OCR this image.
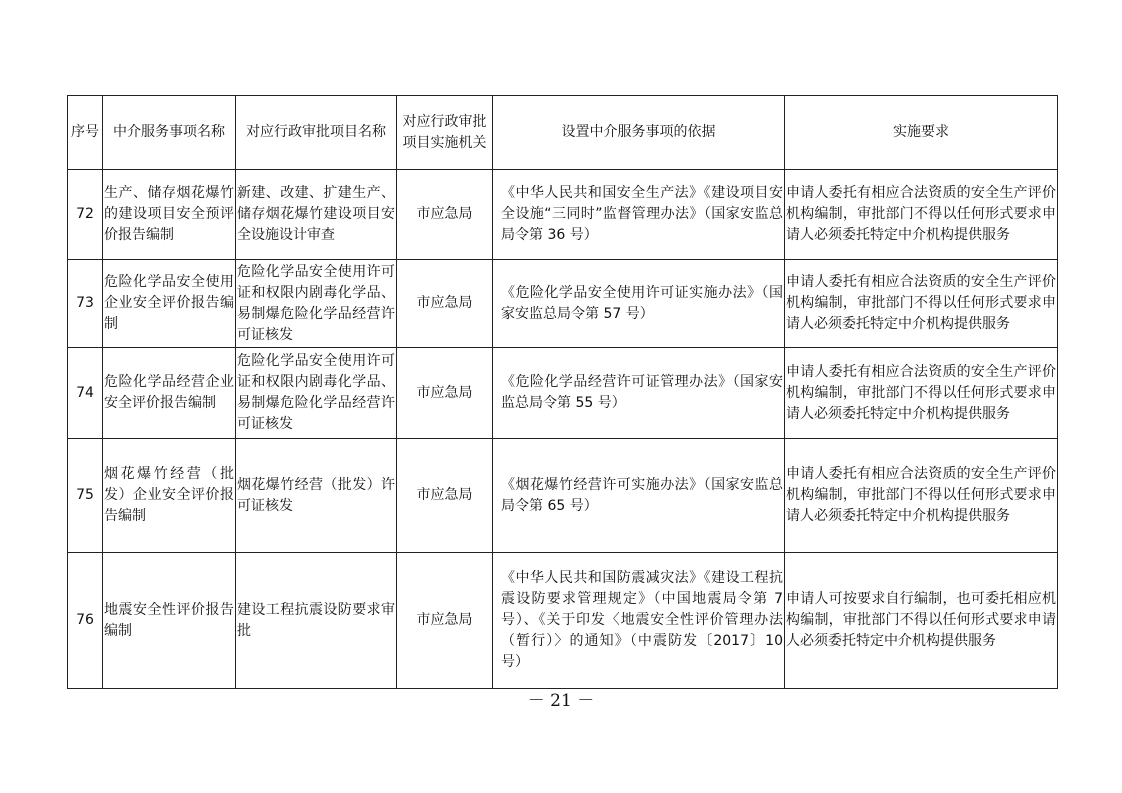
序号	中介服务事项名称	对应行政审批项目名称	对应行政审批项目实施机关	设置中介服务事项的依据	实施要求
72	生产、储存烟花爆竹的建设项目安全预评价报告编制	新建、改建、扩建生产、储存烟花爆竹建设项目安全设施设计审查	市应急局	《中华人民共和国安全生产法》《建设项目安全设施“三同时”监督管理办法》（国家安监总局令第 36 号）	申请人委托有相应合法资质的安全生产评价机构编制，审批部门不得以任何形式要求申请人必须委托特定中介机构提供服务
73	危险化学品安全使用企业安全评价报告编制	危险化学品安全使用许可证和权限内剧毒化学品、易制爆危险化学品经营许可证核发	市应急局	《危险化学品安全使用许可证实施办法》（国家安监总局令第 57 号）	申请人委托有相应合法资质的安全生产评价机构编制，审批部门不得以任何形式要求申请人必须委托特定中介机构提供服务
74	危险化学品经营企业安全评价报告编制	危险化学品安全使用许可证和权限内剧毒化学品、易制爆危险化学品经营许可证核发	市应急局	《危险化学品经营许可证管理办法》（国家安监总局令第 55 号）	申请人委托有相应合法资质的安全生产评价机构编制，审批部门不得以任何形式要求申请人必须委托特定中介机构提供服务
75	烟花爆竹经营（批发）企业安全评价报告编制	烟花爆竹经营（批发）许可证核发	市应急局	《烟花爆竹经营许可实施办法》（国家安监总局令第 65 号）	申请人委托有相应合法资质的安全生产评价机构编制，审批部门不得以任何形式要求申请人必须委托特定中介机构提供服务
76	地震安全性评价报告编制	建设工程抗震设防要求审批	市应急局	《中华人民共和国防震减灾法》《建设工程抗震设防要求管理规定》（中国地震局令第 7 号）、《关于印发〈地震安全性评价管理办法（暂行）〉的通知》（中震防发〔2017〕10 号）	申请人可按要求自行编制，也可委托相应机构编制，审批部门不得以任何形式要求申请人必须委托特定中介机构提供服务
－ 21 －
